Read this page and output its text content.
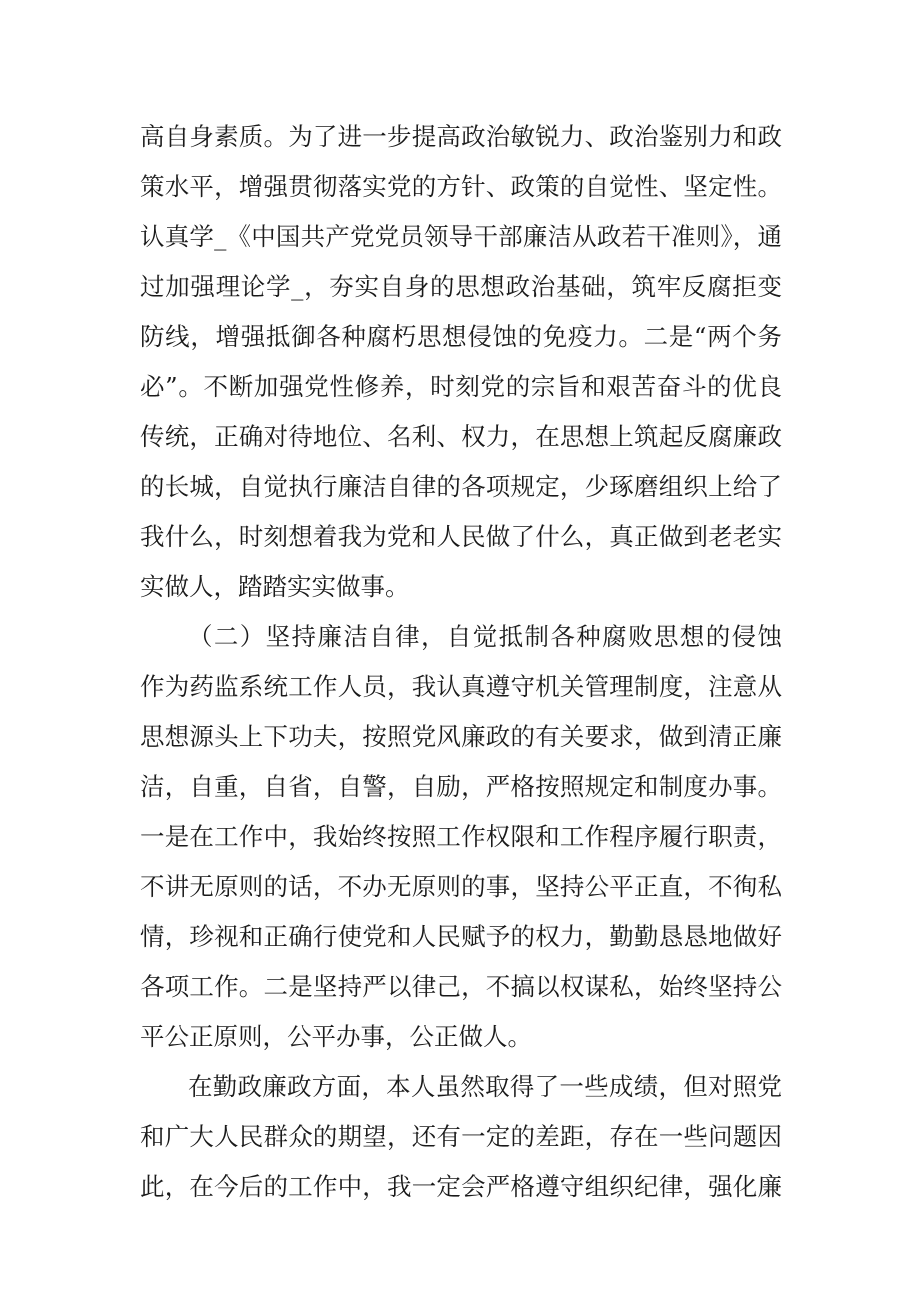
高自身素质。为了进一步提高政治敏锐力、政治鉴别力和政
策水平，增强贯彻落实党的方针、政策的自觉性、坚定性。
认真学_《中国共产党党员领导干部廉洁从政若干准则》，通
过加强理论学_，夯实自身的思想政治基础，筑牢反腐拒变
防线，增强抵御各种腐朽思想侵蚀的免疫力。二是“两个务
必”。不断加强党性修养，时刻党的宗旨和艰苦奋斗的优良
传统，正确对待地位、名利、权力，在思想上筑起反腐廉政
的长城，自觉执行廉洁自律的各项规定，少琢磨组织上给了
我什么，时刻想着我为党和人民做了什么，真正做到老老实
实做人，踏踏实实做事。
（二）坚持廉洁自律，自觉抵制各种腐败思想的侵蚀
作为药监系统工作人员，我认真遵守机关管理制度，注意从
思想源头上下功夫，按照党风廉政的有关要求，做到清正廉
洁，自重，自省，自警，自励，严格按照规定和制度办事。
一是在工作中，我始终按照工作权限和工作程序履行职责，
不讲无原则的话，不办无原则的事，坚持公平正直，不徇私
情，珍视和正确行使党和人民赋予的权力，勤勤恳恳地做好
各项工作。二是坚持严以律己，不搞以权谋私，始终坚持公
平公正原则，公平办事，公正做人。
在勤政廉政方面，本人虽然取得了一些成绩，但对照党
和广大人民群众的期望，还有一定的差距，存在一些问题因
此，在今后的工作中，我一定会严格遵守组织纪律，强化廉
